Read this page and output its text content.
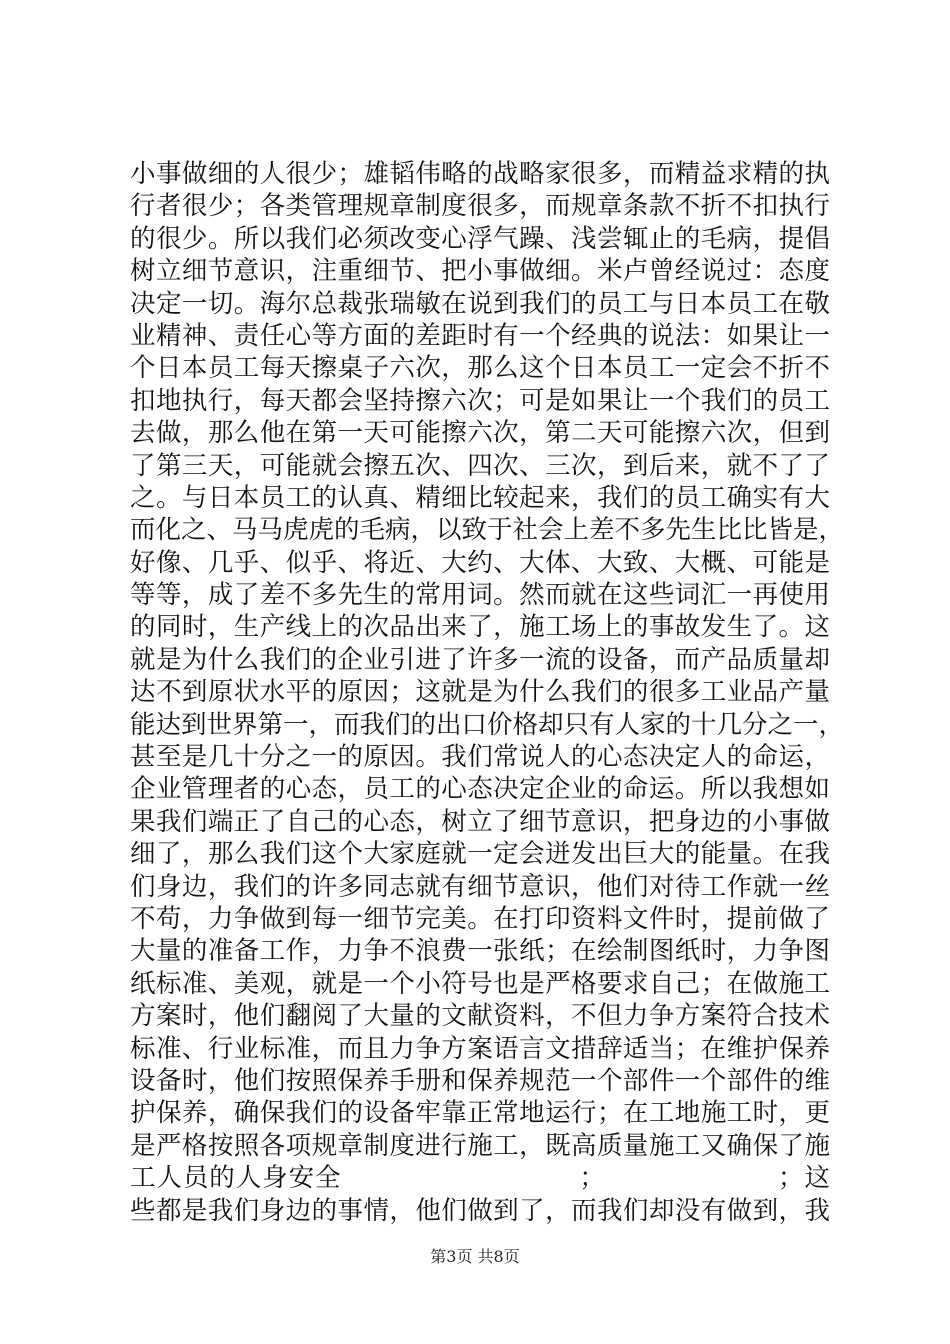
小事做细的人很少；雄韬伟略的战略家很多，而精益求精的执
行者很少；各类管理规章制度很多，而规章条款不折不扣执行
的很少。所以我们必须改变心浮气躁、浅尝辄止的毛病，提倡
树立细节意识，注重细节、把小事做细。米卢曾经说过：态度
决定一切。海尔总裁张瑞敏在说到我们的员工与日本员工在敬
业精神、责任心等方面的差距时有一个经典的说法：如果让一
个日本员工每天擦桌子六次，那么这个日本员工一定会不折不
扣地执行，每天都会坚持擦六次；可是如果让一个我们的员工
去做，那么他在第一天可能擦六次，第二天可能擦六次，但到
了第三天，可能就会擦五次、四次、三次，到后来，就不了了
之。与日本员工的认真、精细比较起来，我们的员工确实有大
而化之、马马虎虎的毛病，以致于社会上差不多先生比比皆是，
好像、几乎、似乎、将近、大约、大体、大致、大概、可能是
等等，成了差不多先生的常用词。然而就在这些词汇一再使用
的同时，生产线上的次品出来了，施工场上的事故发生了。这
就是为什么我们的企业引进了许多一流的设备，而产品质量却
达不到原状水平的原因；这就是为什么我们的很多工业品产量
能达到世界第一，而我们的出口价格却只有人家的十几分之一，
甚至是几十分之一的原因。我们常说人的心态决定人的命运，
企业管理者的心态，员工的心态决定企业的命运。所以我想如
果我们端正了自己的心态，树立了细节意识，把身边的小事做
细了，那么我们这个大家庭就一定会迸发出巨大的能量。在我
们身边，我们的许多同志就有细节意识，他们对待工作就一丝
不苟，力争做到每一细节完美。在打印资料文件时，提前做了
大量的准备工作，力争不浪费一张纸；在绘制图纸时，力争图
纸标准、美观，就是一个小符号也是严格要求自己；在做施工
方案时，他们翻阅了大量的文献资料，不但力争方案符合技术
标准、行业标准，而且力争方案语言文措辞适当；在维护保养
设备时，他们按照保养手册和保养规范一个部件一个部件的维
护保养，确保我们的设备牢靠正常地运行；在工地施工时，更
是严格按照各项规章制度进行施工，既高质量施工又确保了施
工人员的人身安全　　　　　　　　　；　　　　　　　；这
些都是我们身边的事情，他们做到了，而我们却没有做到，我
第3页 共8页
